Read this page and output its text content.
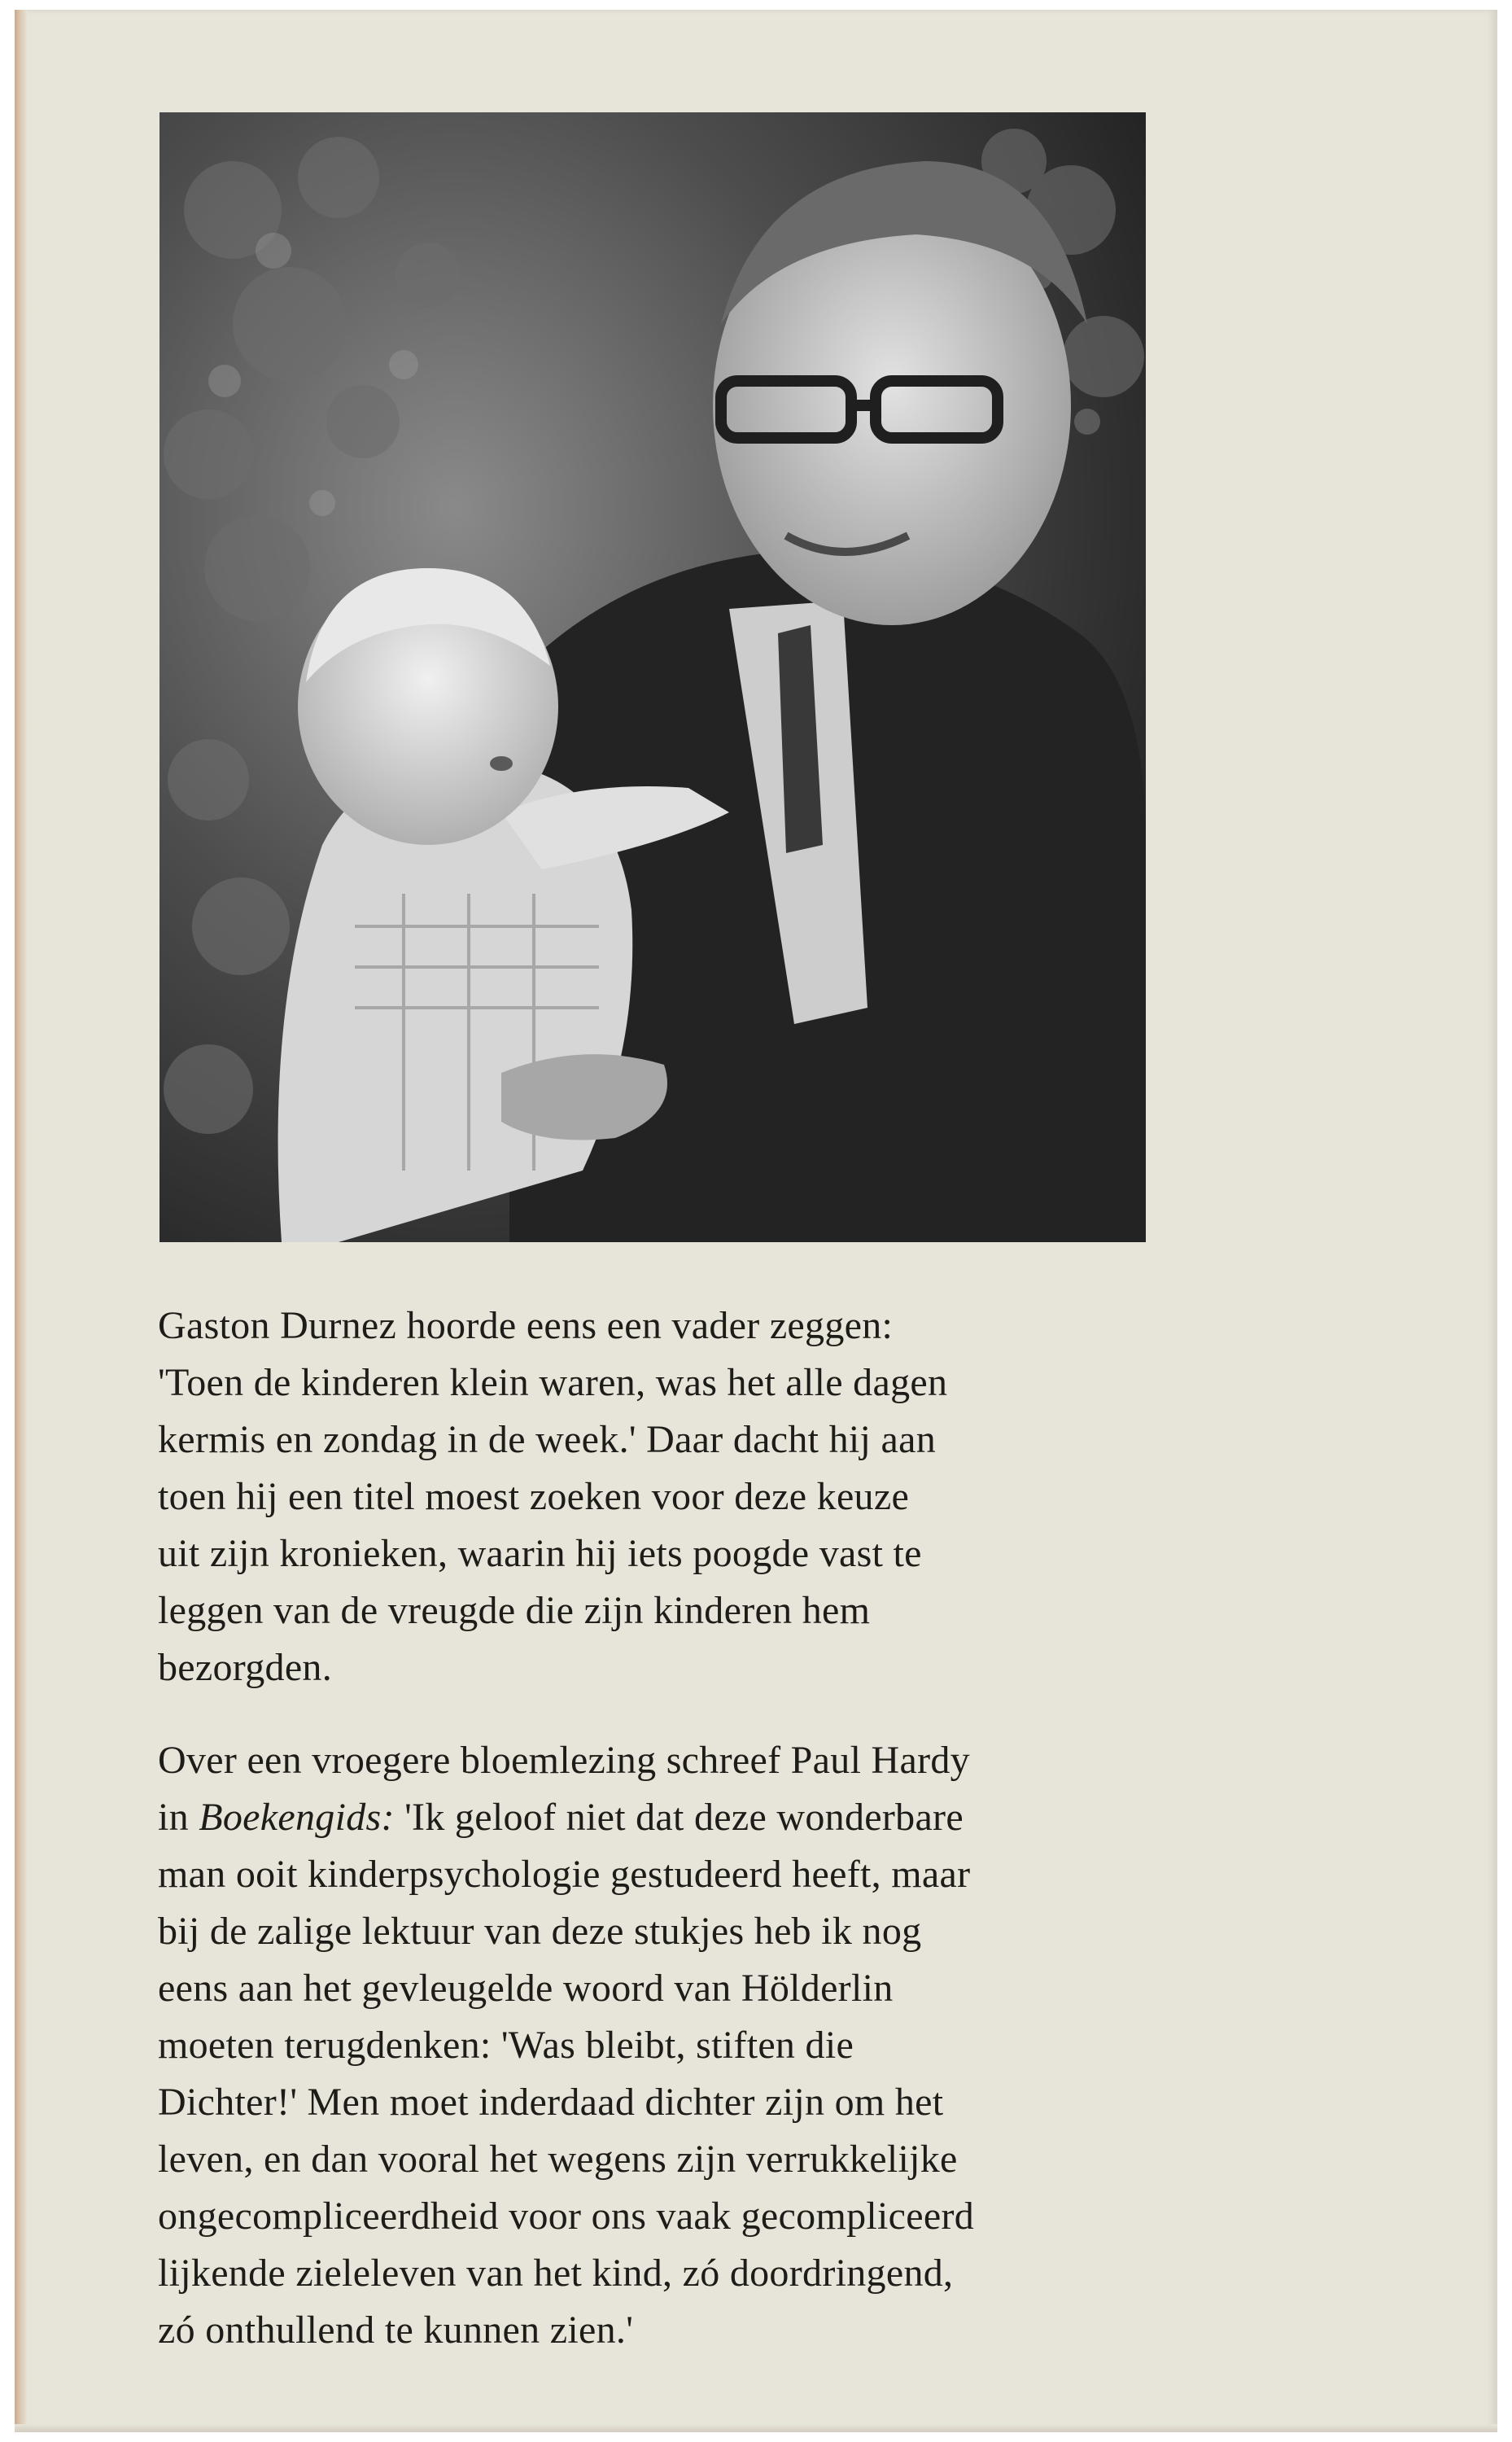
Gaston Durnez hoorde eens een vader zeggen:
'Toen de kinderen klein waren, was het alle dagen
kermis en zondag in de week.' Daar dacht hij aan
toen hij een titel moest zoeken voor deze keuze
uit zijn kronieken, waarin hij iets poogde vast te
leggen van de vreugde die zijn kinderen hem
bezorgden.
Over een vroegere bloemlezing schreef Paul Hardy
in Boekengids: 'Ik geloof niet dat deze wonderbare
man ooit kinderpsychologie gestudeerd heeft, maar
bij de zalige lektuur van deze stukjes heb ik nog
eens aan het gevleugelde woord van Hölderlin
moeten terugdenken: 'Was bleibt, stiften die
Dichter!' Men moet inderdaad dichter zijn om het
leven, en dan vooral het wegens zijn verrukkelijke
ongecompliceerdheid voor ons vaak gecompliceerd
lijkende zieleleven van het kind, zó doordringend,
zó onthullend te kunnen zien.'
